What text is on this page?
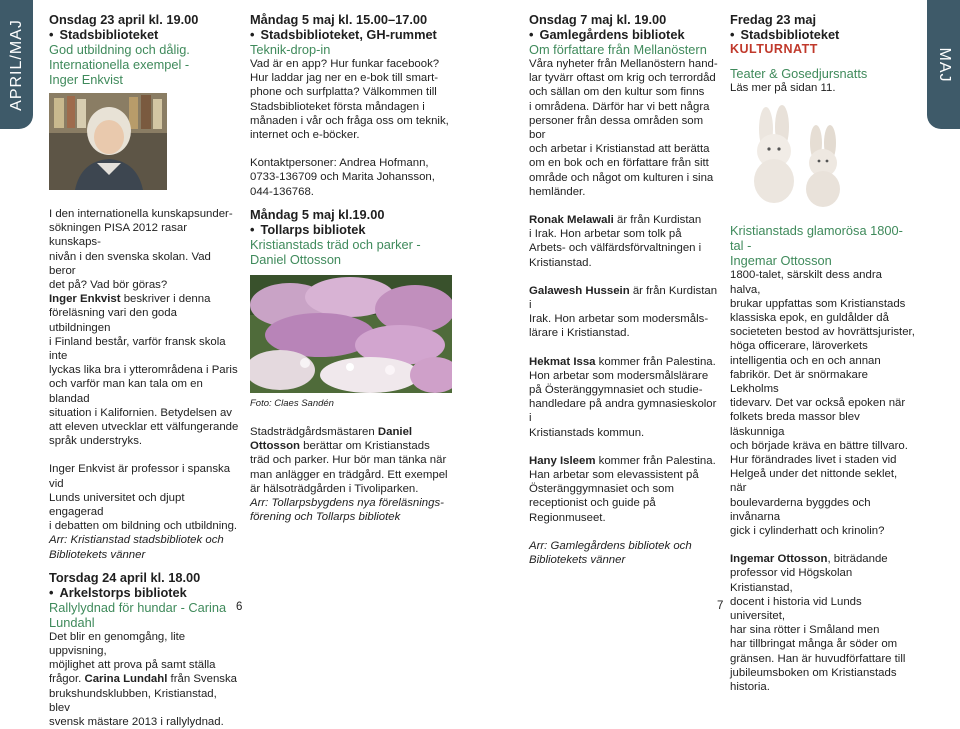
APRIL/MAJ	MAJ
Onsdag 23 april kl. 19.00
• Stadsbiblioteket
God utbildning och dålig.
Internationella exempel -
Inger Enkvist

I den internationella kunskapsunder-
sökningen PISA 2012 rasar kunskaps-
nivån i den svenska skolan. Vad beror
det på? Vad bör göras?

Inger Enkvist beskriver i denna
föreläsning vari den goda utbildningen
i Finland består, varför fransk skola inte
lyckas lika bra i ytterområdena i Paris
och varför man kan tala om en blandad
situation i Kalifornien. Betydelsen av
att eleven utvecklar ett välfungerande
språk understryks.

Inger Enkvist är professor i spanska vid
Lunds universitet och djupt engagerad
i debatten om bildning och utbildning.

Arr: Kristianstad stadsbibliotek och
Bibliotekets vänner

Torsdag 24 april kl. 18.00
• Arkelstorps bibliotek
Rallylydnad för hundar - Carina
Lundahl

Det blir en genomgång, lite uppvisning,
möjlighet att prova på samt ställa
frågor. Carina Lundahl från Svenska
brukshundsklubben, Kristianstad, blev
svensk mästare 2013 i rallylydnad.

Måndag 5 maj kl. 15.00–17.00
• Stadsbiblioteket, GH-rummet
Teknik-drop-in

Vad är en app? Hur funkar facebook?
Hur laddar jag ner en e-bok till smart-
phone och surfplatta? Välkommen till
Stadsbiblioteket första måndagen i
månaden i vår och fråga oss om teknik,
internet och e-böcker.

Kontaktpersoner: Andrea Hofmann,
0733-136709 och Marita Johansson,
044-136768.

Måndag 5 maj kl.19.00
• Tollarps bibliotek
Kristianstads träd och parker -
Daniel Ottosson

Foto: Claes Sandén

Stadsträdgårdsmästaren Daniel
Ottosson berättar om Kristianstads
träd och parker. Hur bör man tänka när
man anlägger en trädgård. Ett exempel
är hälsoträdgården i Tivoliparken.

Arr: Tollarpsbygdens nya föreläsnings-
förening och Tollarps bibliotek

6
Onsdag 7 maj kl. 19.00
• Gamlegårdens bibliotek
Om författare från Mellanöstern

Våra nyheter från Mellanöstern hand-
lar tyvärr oftast om krig och terrordåd
och sällan om den kultur som finns
i områdena. Därför har vi bett några
personer från dessa områden som bor
och arbetar i Kristianstad att berätta
om en bok och en författare från sitt
område och något om kulturen i sina
hemländer.

Ronak Melawali är från Kurdistan
i Irak. Hon arbetar som tolk på
Arbets- och välfärdsförvaltningen i
Kristianstad.

Galawesh Hussein är från Kurdistan i
Irak. Hon arbetar som modersmåls-
lärare i Kristianstad.

Hekmat Issa kommer från Palestina.
Hon arbetar som modersmålslärare
på Österänggymnasiet och studie-
handledare på andra gymnasieskolor i
Kristianstads kommun.

Hany Isleem kommer från Palestina.
Han arbetar som elevassistent på
Österänggymnasiet och som
receptionist och guide på
Regionmuseet.

Arr: Gamlegårdens bibliotek och
Bibliotekets vänner

7
Fredag 23 maj • Stadsbiblioteket
KULTURNATT
Teater & Gosedjursnatts

Läs mer på sidan 11.

Kristianstads glamorösa 1800-tal -
Ingemar Ottosson

1800-talet, särskilt dess andra halva,
brukar uppfattas som Kristianstads
klassiska epok, en guldålder då
societeten bestod av hovrättsjurister,
höga officerare, läroverkets
intelligentia och en och annan
fabrikör. Det är snörmakare Lekholms
tidevarv. Det var också epoken när
folkets breda massor blev läskunniga
och började kräva en bättre tillvaro.
Hur förändrades livet i staden vid
Helgeå under det nittonde seklet, när
boulevarderna byggdes och invånarna
gick i cylinderhatt och krinolin?

Ingemar Ottosson, biträdande
professor vid Högskolan Kristianstad,
docent i historia vid Lunds universitet,
har sina rötter i Småland men
har tillbringat många år söder om
gränsen. Han är huvudförfattare till
jubileumsboken om Kristianstads
historia.
